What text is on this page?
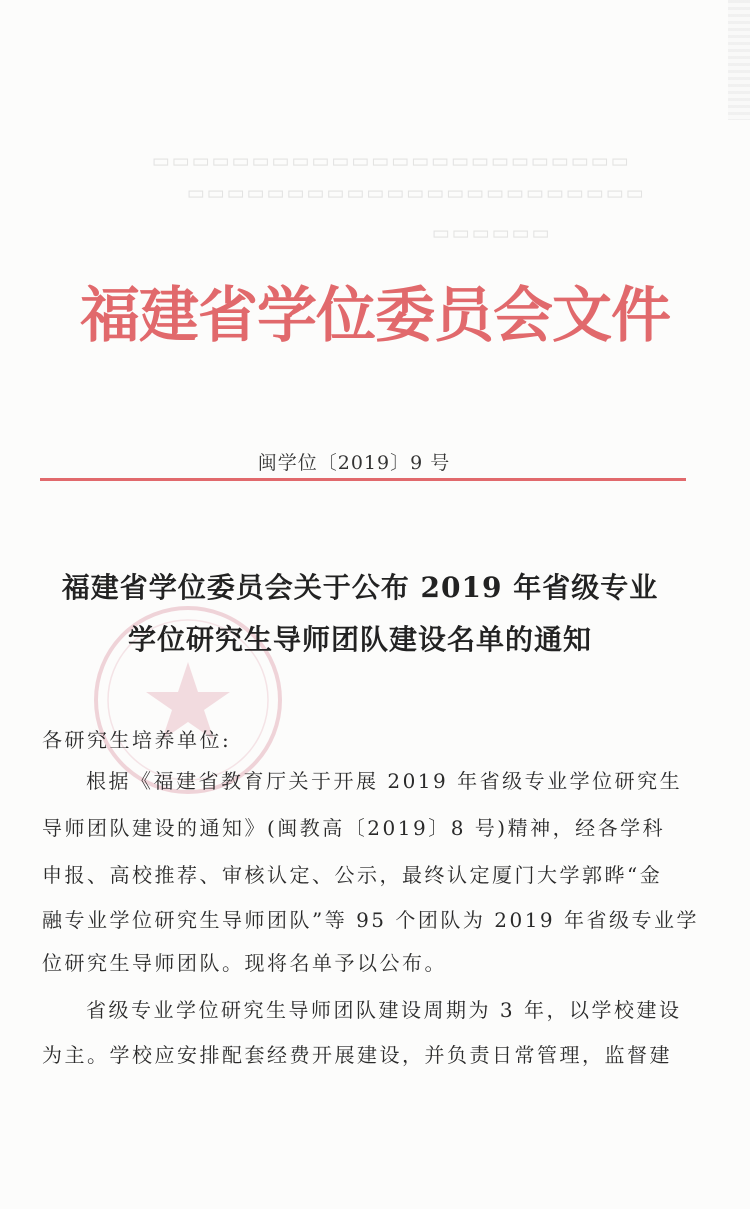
▭▭▭▭▭▭▭▭▭▭▭▭▭▭▭▭▭▭▭▭▭▭▭▭
▭▭▭▭▭▭▭▭▭▭▭▭▭▭▭▭▭▭▭▭▭▭▭
▭▭▭▭▭▭
福建省学位委员会文件
闽学位〔2019〕9 号
福建省学位委员会关于公布 2019 年省级专业
学位研究生导师团队建设名单的通知
各研究生培养单位:
根据《福建省教育厅关于开展 2019 年省级专业学位研究生
导师团队建设的通知》(闽教高〔2019〕8 号)精神，经各学科
申报、高校推荐、审核认定、公示，最终认定厦门大学郭晔“金
融专业学位研究生导师团队”等 95 个团队为 2019 年省级专业学
位研究生导师团队。现将名单予以公布。
省级专业学位研究生导师团队建设周期为 3 年，以学校建设
为主。学校应安排配套经费开展建设，并负责日常管理，监督建
